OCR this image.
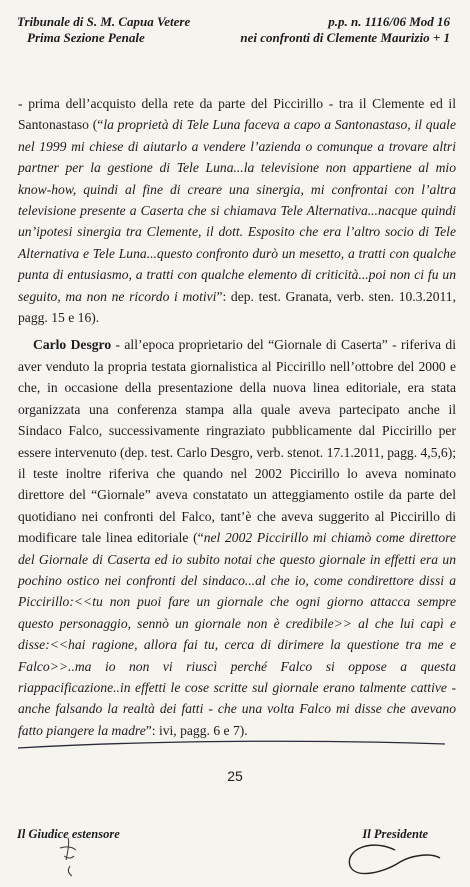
Tribunale di S. M. Capua Vetere
Prima Sezione Penale
p.p. n. 1116/06 Mod 16
nei confronti di Clemente Maurizio + 1

- prima dell’acquisto della rete da parte del Piccirillo - tra il Clemente ed il Santonastaso (“la proprietà di Tele Luna faceva a capo a Santonastaso, il quale nel 1999 mi chiese di aiutarlo a vendere l’azienda o comunque a trovare altri partner per la gestione di Tele Luna...la televisione non appartiene al mio know-how, quindi al fine di creare una sinergia, mi confrontai con l’altra televisione presente a Caserta che si chiamava Tele Alternativa...nacque quindi un’ipotesi sinergia tra Clemente, il dott. Esposito che era l’altro socio di Tele Alternativa e Tele Luna...questo confronto durò un mesetto, a tratti con qualche punta di entusiasmo, a tratti con qualche elemento di criticità...poi non ci fu un seguito, ma non ne ricordo i motivi”: dep. test. Granata, verb. sten. 10.3.2011, pagg. 15 e 16).

Carlo Desgro - all’epoca proprietario del “Giornale di Caserta” - riferiva di aver venduto la propria testata giornalistica al Piccirillo nell’ottobre del 2000 e che, in occasione della presentazione della nuova linea editoriale, era stata organizzata una conferenza stampa alla quale aveva partecipato anche il Sindaco Falco, successivamente ringraziato pubblicamente dal Piccirillo per essere intervenuto (dep. test. Carlo Desgro, verb. stenot. 17.1.2011, pagg. 4,5,6); il teste inoltre riferiva che quando nel 2002 Piccirillo lo aveva nominato direttore del “Giornale” aveva constatato un atteggiamento ostile da parte del quotidiano nei confronti del Falco, tant’è che aveva suggerito al Piccirillo di modificare tale linea editoriale (“nel 2002 Piccirillo mi chiamò come direttore del Giornale di Caserta ed io subito notai che questo giornale in effetti era un pochino ostico nei confronti del sindaco...al che io, come condirettore dissi a Piccirillo:<<tu non puoi fare un giornale che ogni giorno attacca sempre questo personaggio, sennò un giornale non è credibile>> al che lui capì e disse:<<hai ragione, allora fai tu, cerca di dirimere la questione tra me e Falco>>..ma io non vi riuscì perché Falco si oppose a questa riappacificazione..in effetti le cose scritte sul giornale erano talmente cattive - anche falsando la realtà dei fatti - che una volta Falco mi disse che avevano fatto piangere la madre”: ivi, pagg. 6 e 7).

25
Il Giudice estensore	Il Presidente
